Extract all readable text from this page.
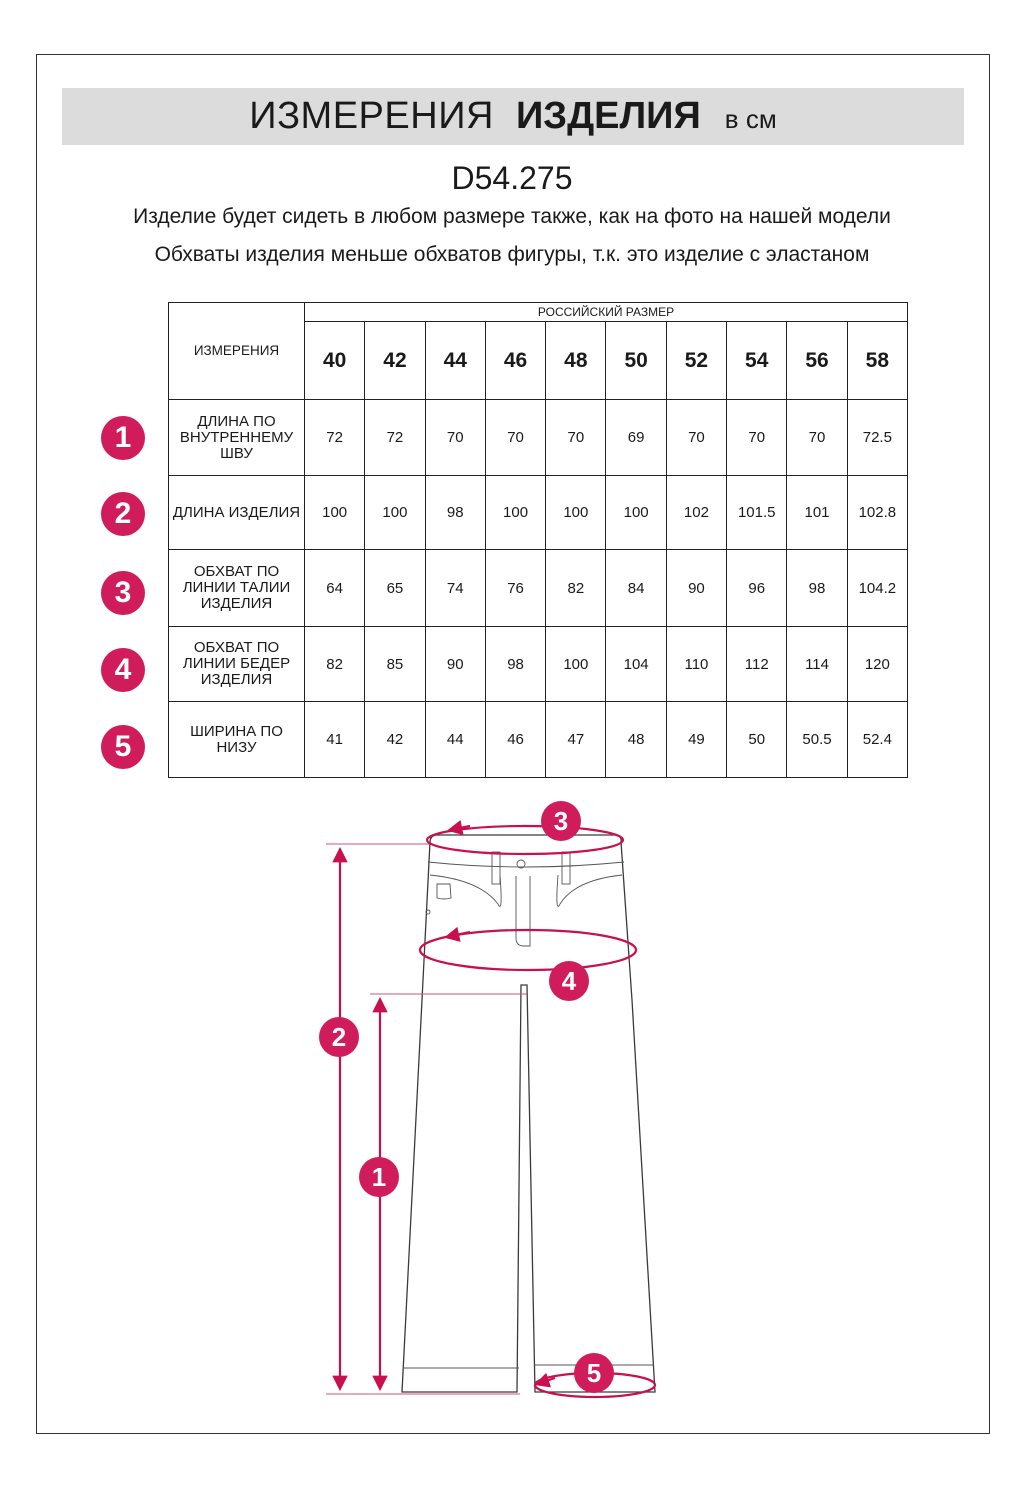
ИЗМЕРЕНИЯ ИЗДЕЛИЯ в см
D54.275
Изделие будет сидеть в любом размере также, как на фото на нашей модели
Обхваты изделия меньше обхватов фигуры, т.к. это изделие с эластаном
ИЗМЕРЕНИЯ	РОССИЙСКИЙ РАЗМЕР									
	40	42	44	46	48	50	52	54	56	58
ДЛИНА ПО ВНУТРЕННЕМУ ШВУ	72	72	70	70	70	69	70	70	70	72.5
ДЛИНА ИЗДЕЛИЯ	100	100	98	100	100	100	102	101.5	101	102.8
ОБХВАТ ПО ЛИНИИ ТАЛИИ ИЗДЕЛИЯ	64	65	74	76	82	84	90	96	98	104.2
ОБХВАТ ПО ЛИНИИ БЕДЕР ИЗДЕЛИЯ	82	85	90	98	100	104	110	112	114	120
ШИРИНА ПО НИЗУ	41	42	44	46	47	48	49	50	50.5	52.4
1
2
3
4
5
3
4
2
1
5
